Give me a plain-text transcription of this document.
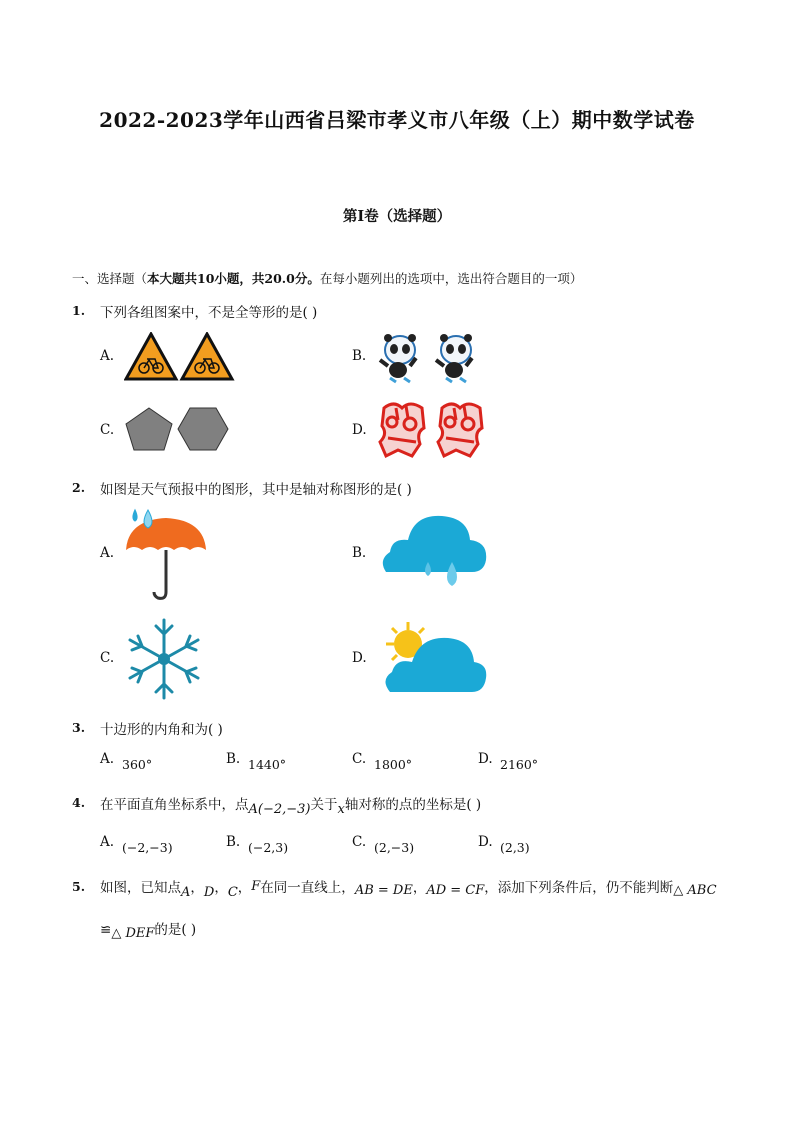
2022-2023学年山西省吕梁市孝义市八年级（上）期中数学试卷
第I卷（选择题）
一、选择题（本大题共10小题，共20.0分。在每小题列出的选项中，选出符合题目的一项）
1. 下列各组图案中，不是全等形的是( )
A.	B.
C.	D.
2. 如图是天气预报中的图形，其中是轴对称图形的是( )
A.	B.
C.	D.
3. 十边形的内角和为( )
A. 360°	B. 1440°	C. 1800°	D. 2160°
4. 在平面直角坐标系中，点A(−2,−3)关于x轴对称的点的坐标是( )
A. (−2,−3)	B. (−2,3)	C. (2,−3)	D. (2,3)
5. 如图，已知点A，D，C，F在同一直线上，AB = DE，AD = CF，添加下列条件后，仍不能判断△ ABC
≌△ DEF的是( )
